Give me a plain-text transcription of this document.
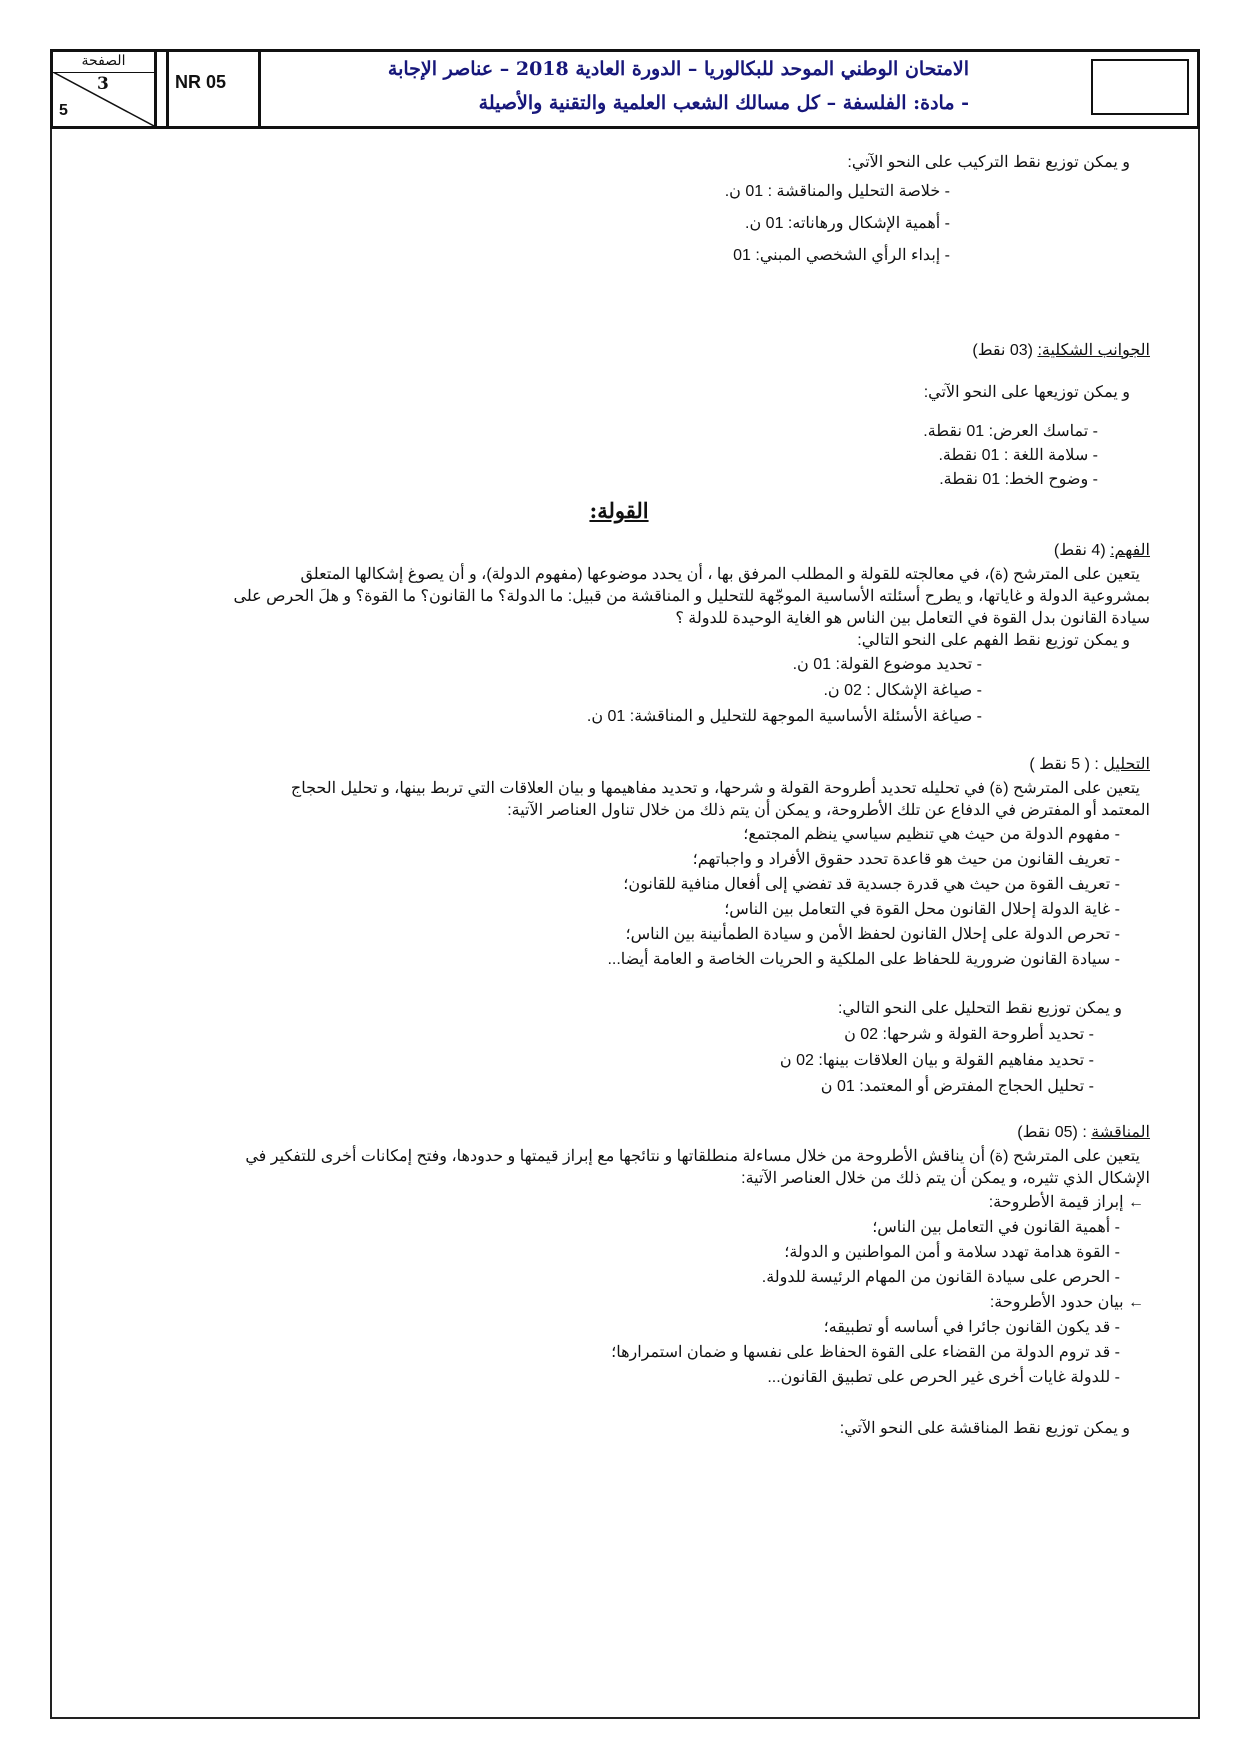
الصفحة
3
5
NR 05
الامتحان الوطني الموحد للبكالوريا – الدورة العادية 2018 – عناصر الإجابة
- مادة: الفلسفة – كل مسالك الشعب العلمية والتقنية والأصيلة
و يمكن توزيع نقط التركيب على النحو الآتي:
- خلاصة التحليل والمناقشة : 01 ن.
- أهمية الإشكال ورهاناته: 01 ن.
- إبداء الرأي الشخصي المبني: 01
الجوانب الشكلية: (03 نقط)
و يمكن توزيعها على النحو الآتي:
- تماسك العرض: 01 نقطة.
- سلامة اللغة : 01 نقطة.
- وضوح الخط: 01 نقطة.
القولة:
الفهم: (4 نقط)
يتعين على المترشح (ة)، في معالجته للقولة و المطلب المرفق بها ، أن يحدد موضوعها (مفهوم الدولة)، و أن يصوغ إشكالها المتعلق
بمشروعية الدولة و غاياتها، و يطرح أسئلته الأساسية الموجّهة للتحليل و المناقشة من قبيل: ما الدولة؟ ما القانون؟ ما القوة؟ و هلَ الحرص على
سيادة القانون بدل القوة في التعامل بين الناس هو الغاية الوحيدة للدولة ؟
و يمكن توزيع نقط الفهم على النحو التالي:
- تحديد موضوع القولة: 01 ن.
- صياغة الإشكال : 02 ن.
- صياغة الأسئلة الأساسية الموجهة للتحليل و المناقشة: 01 ن.
التحليل : ( 5 نقط )
يتعين على المترشح (ة) في تحليله تحديد أطروحة القولة و شرحها، و تحديد مفاهيمها و بيان العلاقات التي تربط بينها، و تحليل الحجاج
المعتمد أو المفترض في الدفاع عن تلك الأطروحة، و يمكن أن يتم ذلك من خلال تناول العناصر الآتية:
- مفهوم الدولة من حيث هي تنظيم سياسي ينظم المجتمع؛
- تعريف القانون من حيث هو قاعدة تحدد حقوق الأفراد و واجباتهم؛
- تعريف القوة من حيث هي قدرة جسدية قد تفضي إلى أفعال منافية للقانون؛
- غاية الدولة إحلال القانون محل القوة في التعامل بين الناس؛
- تحرص الدولة على إحلال القانون لحفظ الأمن و سيادة الطمأنينة بين الناس؛
- سيادة القانون ضرورية للحفاظ على الملكية و الحريات الخاصة و العامة أيضا...
و يمكن توزيع نقط التحليل على النحو التالي:
- تحديد أطروحة القولة و شرحها: 02 ن
- تحديد مفاهيم القولة و بيان العلاقات بينها: 02 ن
- تحليل الحجاج المفترض أو المعتمد: 01 ن
المناقشة : (05 نقط)
يتعين على المترشح (ة) أن يناقش الأطروحة من خلال مساءلة منطلقاتها و نتائجها مع إبراز قيمتها و حدودها، وفتح إمكانات أخرى للتفكير في
الإشكال الذي تثيره، و يمكن أن يتم ذلك من خلال العناصر الآتية:
← إبراز قيمة الأطروحة:
- أهمية القانون في التعامل بين الناس؛
- القوة هدامة تهدد سلامة و أمن المواطنين و الدولة؛
- الحرص على سيادة القانون من المهام الرئيسة للدولة.
← بيان حدود الأطروحة:
- قد يكون القانون جائرا في أساسه أو تطبيقه؛
- قد تروم الدولة من القضاء على القوة الحفاظ على نفسها و ضمان استمرارها؛
- للدولة غايات أخرى غير الحرص على تطبيق القانون...
و يمكن توزيع نقط المناقشة على النحو الآتي:
